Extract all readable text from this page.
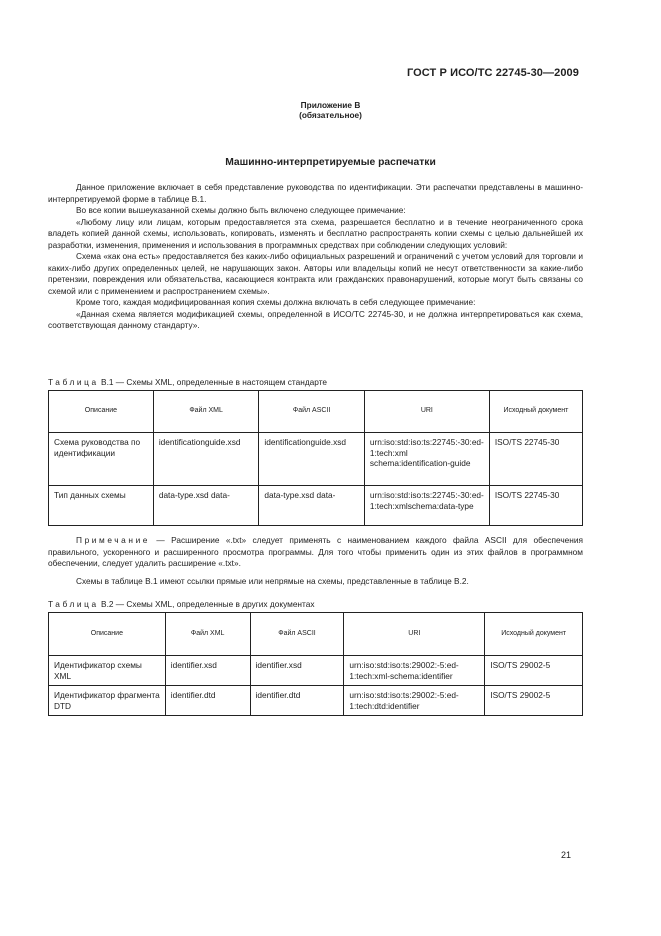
ГОСТ Р ИСО/ТС 22745-30—2009
Приложение В
(обязательное)
Машинно-интерпретируемые распечатки

Данное приложение включает в себя представление руководства по идентификации. Эти распечатки представлены в машинно-интерпретируемой форме в таблице В.1.

Во все копии вышеуказанной схемы должно быть включено следующее примечание:

«Любому лицу или лицам, которым предоставляется эта схема, разрешается бесплатно и в течение неограниченного срока владеть копией данной схемы, использовать, копировать, изменять и бесплатно распространять копии схемы с целью дальнейшей их разработки, изменения, применения и использования в программных средствах при соблюдении следующих условий:

Схема «как она есть» предоставляется без каких-либо официальных разрешений и ограничений с учетом условий для торговли и каких-либо других определенных целей, не нарушающих закон. Авторы или владельцы копий не несут ответственности за какие-либо претензии, повреждения или обязательства, касающиеся контракта или гражданских правонарушений, которые могут быть связаны со схемой или с применением и распространением схемы».

Кроме того, каждая модифицированная копия схемы должна включать в себя следующее примечание:

«Данная схема является модификацией схемы, определенной в ИСО/ТС 22745-30, и не должна интерпретироваться как схема, соответствующая данному стандарту».

Таблица В.1 — Схемы XML, определенные в настоящем стандарте
Описание	Файл XML	Файл ASCII	URI	Исходный документ
Схема руководства по идентификации	identificationguide.xsd	identificationguide.xsd	urn:iso:std:iso:ts:22745:-30:ed-1:tech:xml schema:identification-guide	ISO/TS 22745-30
Тип данных схемы	data-type.xsd data-	data-type.xsd data-	urn:iso:std:iso:ts:22745:-30:ed-1:tech:xmlschema:data-type	ISO/TS 22745-30

Примечание — Расширение «.txt» следует применять с наименованием каждого файла ASCII для обеспечения правильного, ускоренного и расширенного просмотра программы. Для того чтобы применить один из этих файлов в программном обеспечении, следует удалить расширение «.txt».

Схемы в таблице В.1 имеют ссылки прямые или непрямые на схемы, представленные в таблице В.2.

Таблица В.2 — Схемы XML, определенные в других документах
Описание	Файл XML	Файл ASCII	URI	Исходный документ
Идентификатор схемы XML	identifier.xsd	identifier.xsd	urn:iso:std:iso:ts:29002:-5:ed-1:tech:xml-schema:identifier	ISO/TS 29002-5
Идентификатор фрагмента DTD	identifier.dtd	identifier.dtd	urn:iso:std:iso:ts:29002:-5:ed-1:tech:dtd:identifier	ISO/TS 29002-5
21
